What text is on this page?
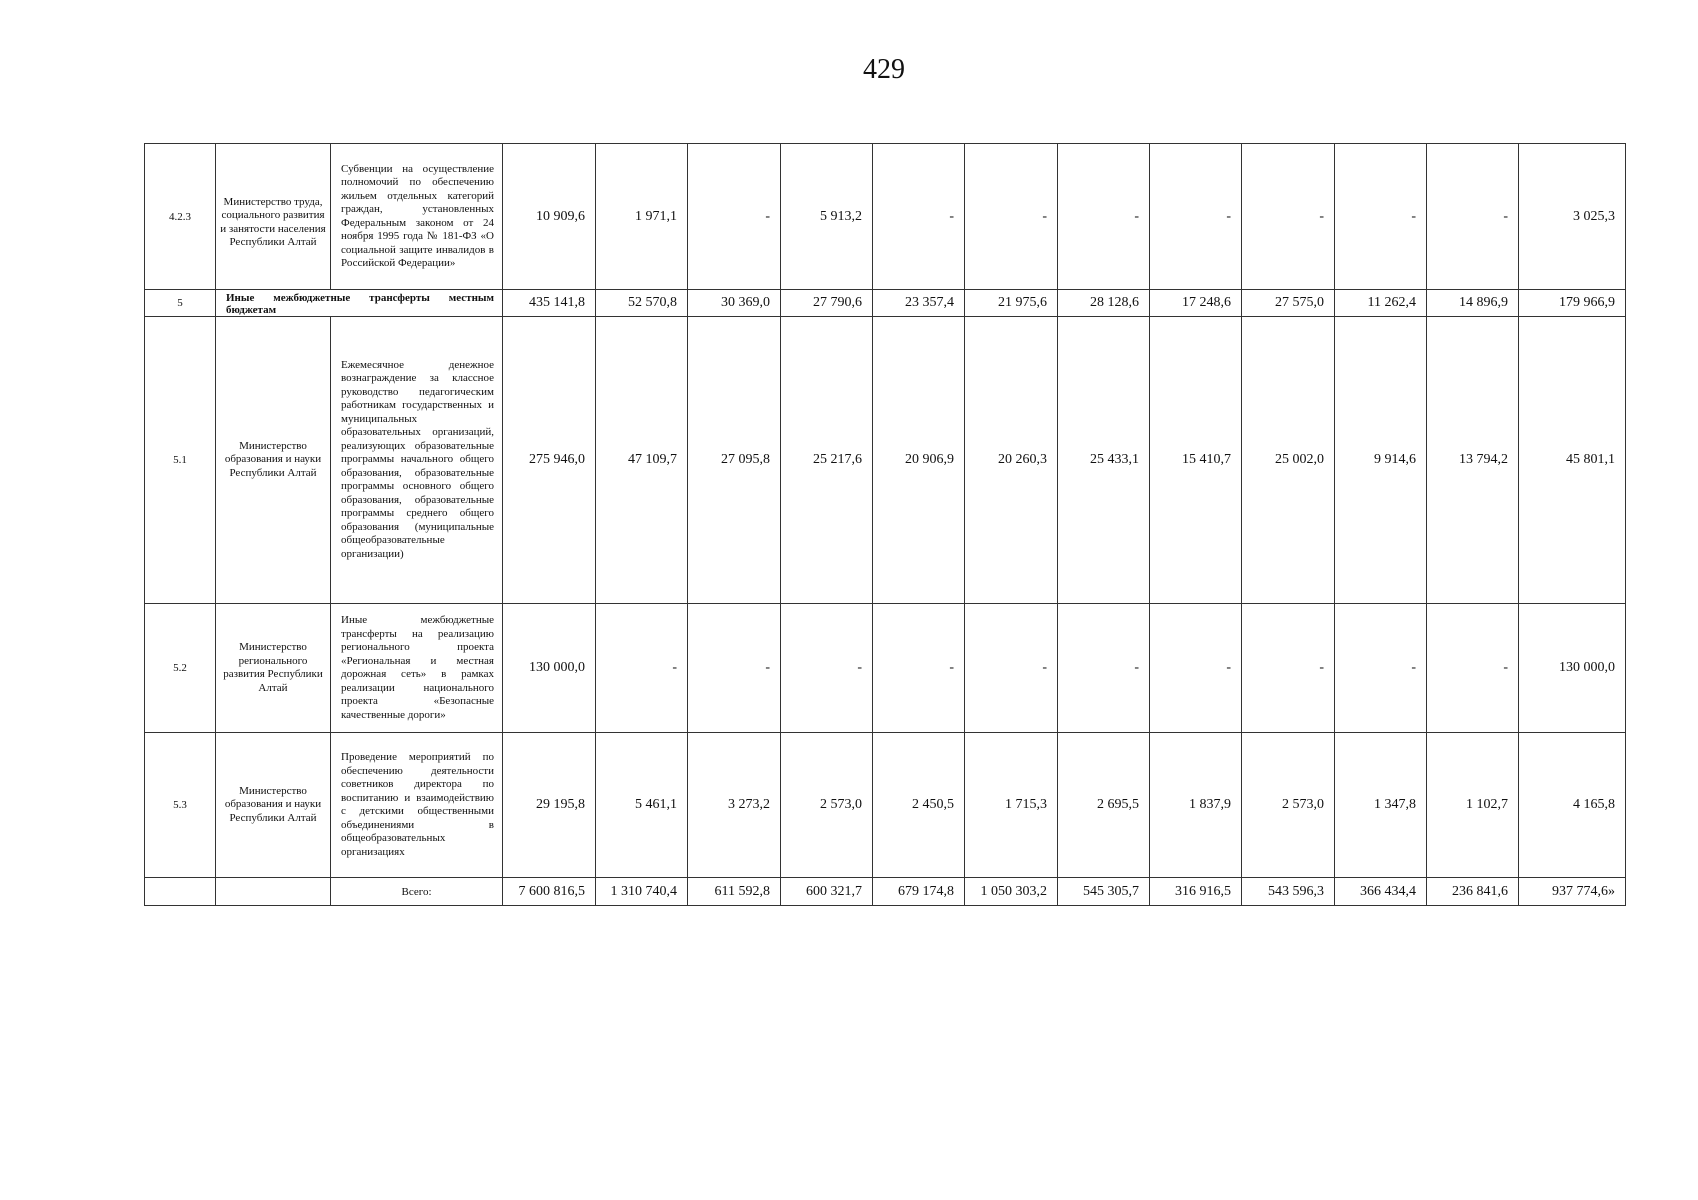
429
4.2.3	Министерство труда, социального развития и занятости населения Республики Алтай	Субвенции на осуществление полномочий по обеспечению жильем отдельных категорий граждан, установленных Федеральным законом от 24 ноября 1995 года № 181-ФЗ «О социальной защите инвалидов в Российской Федерации»	10 909,6	1 971,1	-	5 913,2	-	-	-	-	-	-	-	3 025,3
5	Иные межбюджетные трансферты местным бюджетам		435 141,8	52 570,8	30 369,0	27 790,6	23 357,4	21 975,6	28 128,6	17 248,6	27 575,0	11 262,4	14 896,9	179 966,9
5.1	Министерство образования и науки Республики Алтай	Ежемесячное денежное вознаграждение за классное руководство педагогическим работникам государственных и муниципальных образовательных организаций, реализующих образовательные программы начального общего образования, образовательные программы основного общего образования, образовательные программы среднего общего образования (муниципальные общеобразовательные организации)	275 946,0	47 109,7	27 095,8	25 217,6	20 906,9	20 260,3	25 433,1	15 410,7	25 002,0	9 914,6	13 794,2	45 801,1
5.2	Министерство регионального развития Республики Алтай	Иные межбюджетные трансферты на реализацию регионального проекта «Региональная и местная дорожная сеть» в рамках реализации национального проекта «Безопасные качественные дороги»	130 000,0	-	-	-	-	-	-	-	-	-	-	130 000,0
5.3	Министерство образования и науки Республики Алтай	Проведение мероприятий по обеспечению деятельности советников директора по воспитанию и взаимодействию с детскими общественными объединениями в общеобразовательных организациях	29 195,8	5 461,1	3 273,2	2 573,0	2 450,5	1 715,3	2 695,5	1 837,9	2 573,0	1 347,8	1 102,7	4 165,8
		Всего:	7 600 816,5	1 310 740,4	611 592,8	600 321,7	679 174,8	1 050 303,2	545 305,7	316 916,5	543 596,3	366 434,4	236 841,6	937 774,6»
